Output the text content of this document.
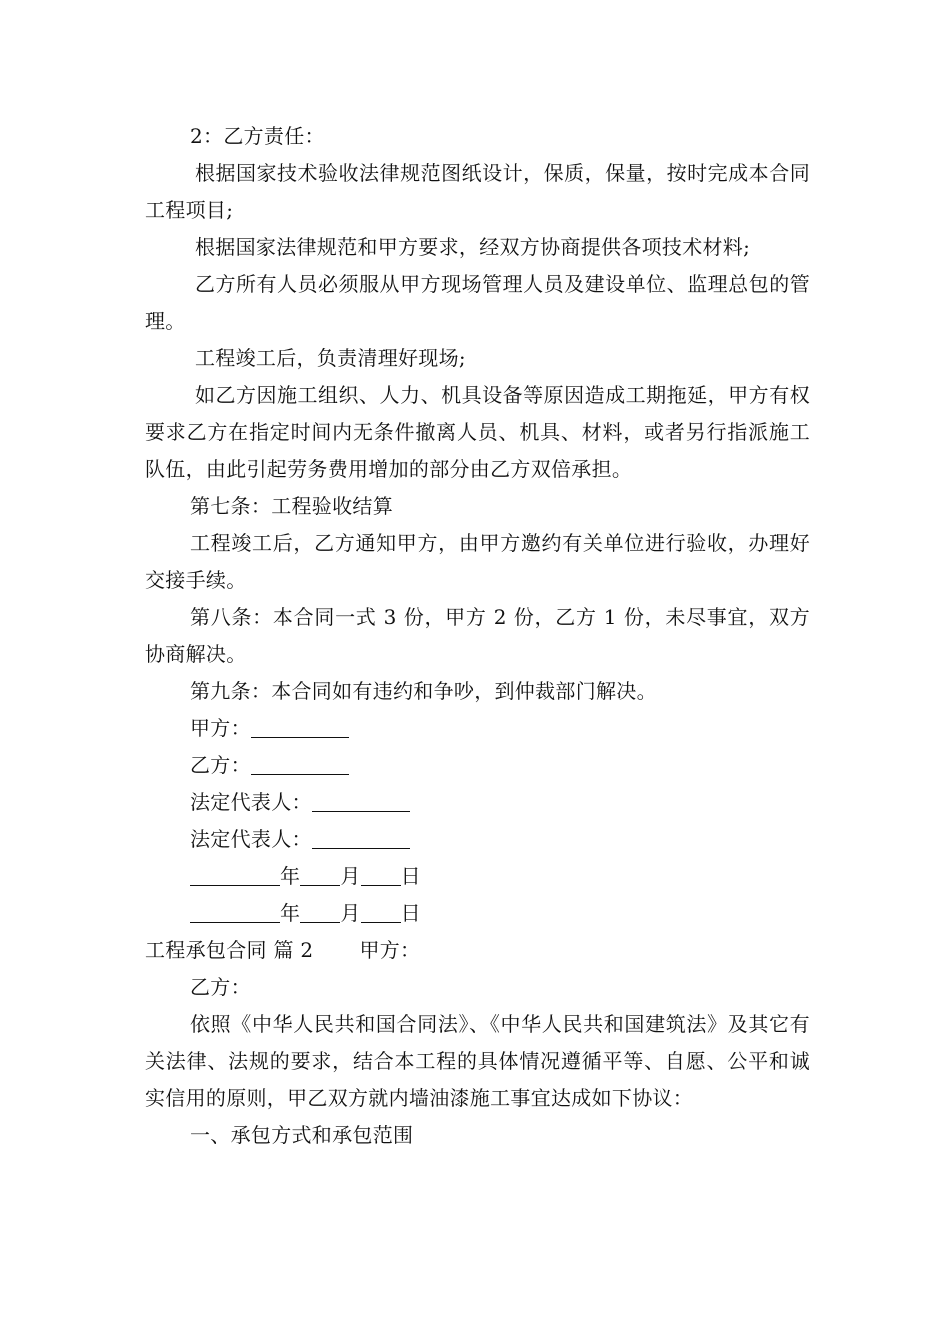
2：乙方责任：

根据国家技术验收法律规范图纸设计，保质，保量，按时完成本合同工程项目;

根据国家法律规范和甲方要求，经双方协商提供各项技术材料;

乙方所有人员必须服从甲方现场管理人员及建设单位、监理总包的管理。

工程竣工后，负责清理好现场;

如乙方因施工组织、人力、机具设备等原因造成工期拖延，甲方有权要求乙方在指定时间内无条件撤离人员、机具、材料，或者另行指派施工队伍，由此引起劳务费用增加的部分由乙方双倍承担。

第七条：工程验收结算

工程竣工后，乙方通知甲方，由甲方邀约有关单位进行验收，办理好交接手续。

第八条：本合同一式 3 份，甲方 2 份，乙方 1 份，未尽事宜，双方协商解决。

第九条：本合同如有违约和争吵，到仲裁部门解决。

甲方：
乙方：
法定代表人：
法定代表人：
年 月 日
年 月 日
工程承包合同 篇 2 甲方：
乙方：

依照《中华人民共和国合同法》、《中华人民共和国建筑法》及其它有关法律、法规的要求，结合本工程的具体情况遵循平等、自愿、公平和诚实信用的原则，甲乙双方就内墙油漆施工事宜达成如下协议：

一、承包方式和承包范围
